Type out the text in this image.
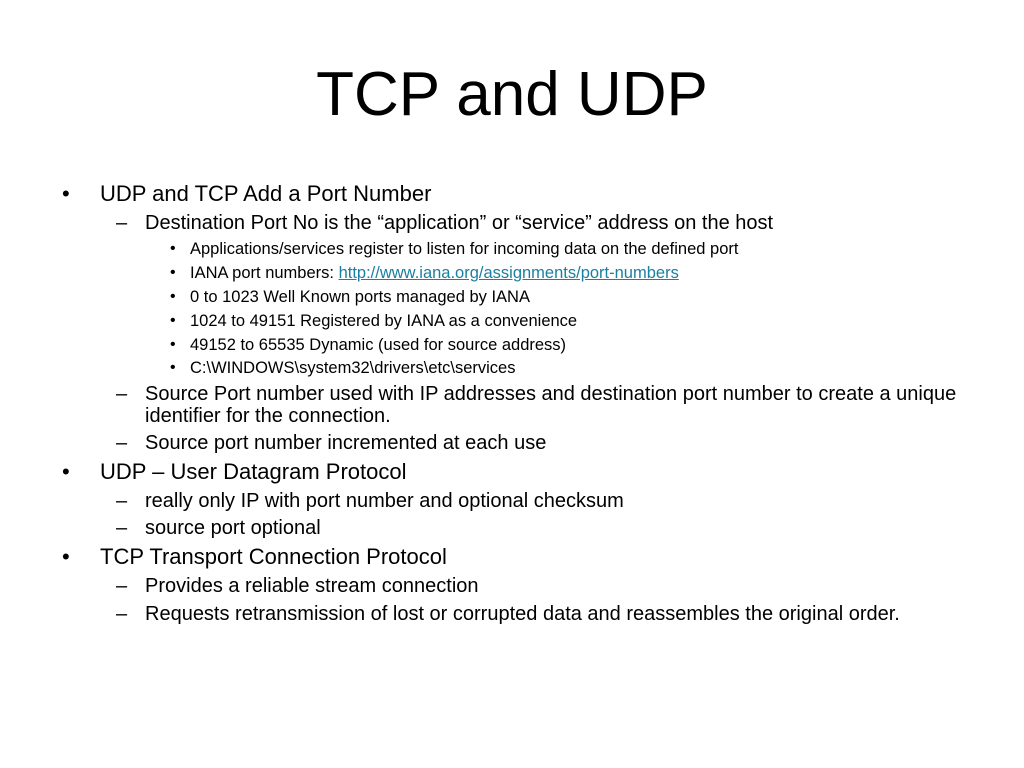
TCP and UDP
• UDP and TCP Add a Port Number
– Destination Port No is the “application” or “service” address on the host
• Applications/services register to listen for incoming data on the defined port
• IANA port numbers: http://www.iana.org/assignments/port-numbers
• 0 to 1023 Well Known ports managed by IANA
• 1024 to 49151 Registered by IANA as a convenience
• 49152 to 65535 Dynamic (used for source address)
• C:\WINDOWS\system32\drivers\etc\services
– Source Port number used with IP addresses and destination port number to create a unique identifier for the connection.
– Source port number incremented at each use
• UDP – User Datagram Protocol
– really only IP with port number and optional checksum
– source port optional
• TCP Transport Connection Protocol
– Provides a reliable stream connection
– Requests retransmission of lost or corrupted data and reassembles the original order.
